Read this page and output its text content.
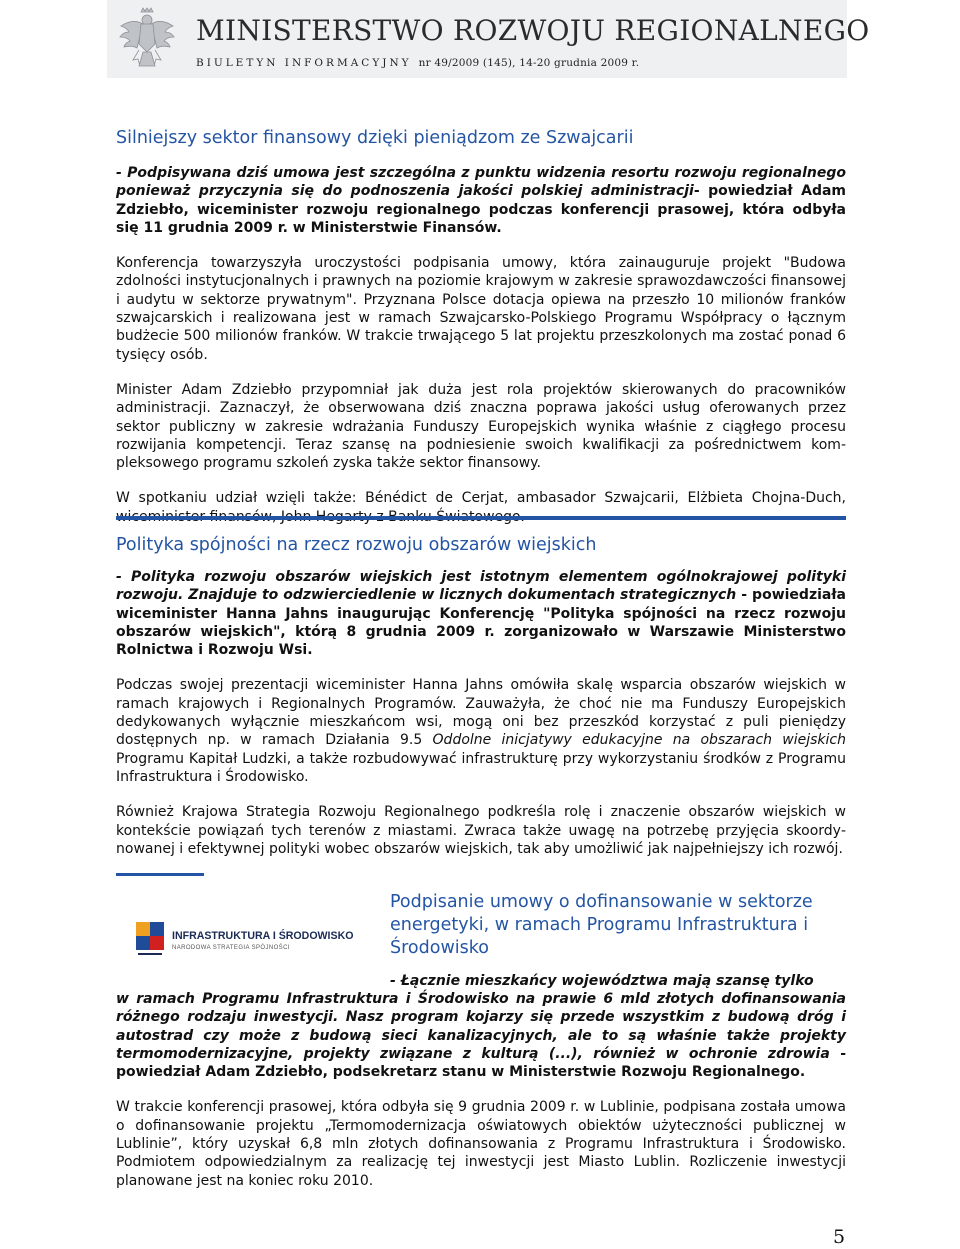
MINISTERSTWO ROZWOJU REGIONALNEGO
BIULETYN INFORMACYJNY nr 49/2009 (145), 14-20 grudnia 2009 r.
Silniejszy sektor finansowy dzięki pieniądzom ze Szwajcarii

- Podpisywana dziś umowa jest szczególna z punktu widzenia resortu rozwoju regionalnego ponieważ przyczynia się do podnoszenia jakości polskiej administracji- powiedział Adam Zdziebło, wiceminister rozwoju regionalnego podczas konferencji prasowej, która odbyła się 11 grudnia 2009 r. w Ministerstwie Finansów.

Konferencja towarzyszyła uroczystości podpisania umowy, która zainauguruje projekt "Budowa zdolności instytucjonalnych i prawnych na poziomie krajowym w zakresie sprawozdawczości finansowej i audytu w sektorze prywatnym". Przyznana Polsce dotacja opiewa na przeszło 10 milionów franków szwajcarskich i realizowana jest w ramach Szwajcarsko-Polskiego Programu Współpracy o łącznym budżecie 500 milionów franków. W trakcie trwającego 5 lat projektu przeszkolonych ma zostać ponad 6 tysięcy osób.

Minister Adam Zdziebło przypomniał jak duża jest rola projektów skierowanych do pracowników administracji. Zaznaczył, że obserwowana dziś znaczna poprawa jakości usług oferowanych przez sektor publiczny w zakresie wdrażania Funduszy Europejskich wynika właśnie z ciągłego procesu rozwijania kompetencji. Teraz szansę na podniesienie swoich kwalifikacji za pośrednictwem kompleksowego programu szkoleń zyska także sektor finansowy.

W spotkaniu udział wzięli także: Bénédict de Cerjat, ambasador Szwajcarii, Elżbieta Chojna-Duch,

Polityka spójności na rzecz rozwoju obszarów wiejskich

- Polityka rozwoju obszarów wiejskich jest istotnym elementem ogólnokrajowej polityki rozwoju. Znajduje to odzwierciedlenie w licznych dokumentach strategicznych - powiedziała wiceminister Hanna Jahns inaugurując Konferencję "Polityka spójności na rzecz rozwoju obszarów wiejskich", którą 8 grudnia 2009 r. zorganizowało w Warszawie Ministerstwo Rolnictwa i Rozwoju Wsi.

Podczas swojej prezentacji wiceminister Hanna Jahns omówiła skalę wsparcia obszarów wiejskich w ramach krajowych i Regionalnych Programów. Zauważyła, że choć nie ma Funduszy Europejskich dedykowanych wyłącznie mieszkańcom wsi, mogą oni bez przeszkód korzystać z puli pieniędzy dostępnych np. w ramach Działania 9.5 Oddolne inicjatywy edukacyjne na obszarach wiejskich Programu Kapitał Ludzki, a także rozbudowywać infrastrukturę przy wykorzystaniu środków z Programu Infrastruktura i Środowisko.

Również Krajowa Strategia Rozwoju Regionalnego podkreśla rolę i znaczenie obszarów wiejskich w kontekście powiązań tych terenów z miastami. Zwraca także uwagę na potrzebę przyjęcia skoordynowanej i efektywnej polityki wobec obszarów wiejskich, tak aby umożliwić jak najpełniejszy ich rozwój.

INFRASTRUKTURA I ŚRODOWISKO
NARODOWA STRATEGIA SPÓJNOŚCI
Podpisanie umowy o dofinansowanie w sektorze energetyki, w ramach Programu Infrastruktura i Środowisko

- Łącznie mieszkańcy województwa mają szansę tylko

w ramach Programu Infrastruktura i Środowisko na prawie 6 mld złotych dofinansowania różnego rodzaju inwestycji. Nasz program kojarzy się przede wszystkim z budową dróg i autostrad czy może z budową sieci kanalizacyjnych, ale to są właśnie także projekty termomodernizacyjne, projekty związane z kulturą (...), również w ochronie zdrowia - powiedział Adam Zdziebło, podsekretarz stanu w Ministerstwie Rozwoju Regionalnego.

W trakcie konferencji prasowej, która odbyła się 9 grudnia 2009 r. w Lublinie, podpisana została umowa o dofinansowanie projektu „Termomodernizacja oświatowych obiektów użyteczności publicznej w Lublinie”, który uzyskał 6,8 mln złotych dofinansowania z Programu Infrastruktura i Środowisko. Podmiotem odpowiedzialnym za realizację tej inwestycji jest Miasto Lublin. Rozliczenie inwestycji planowane jest na koniec roku 2010.

5
